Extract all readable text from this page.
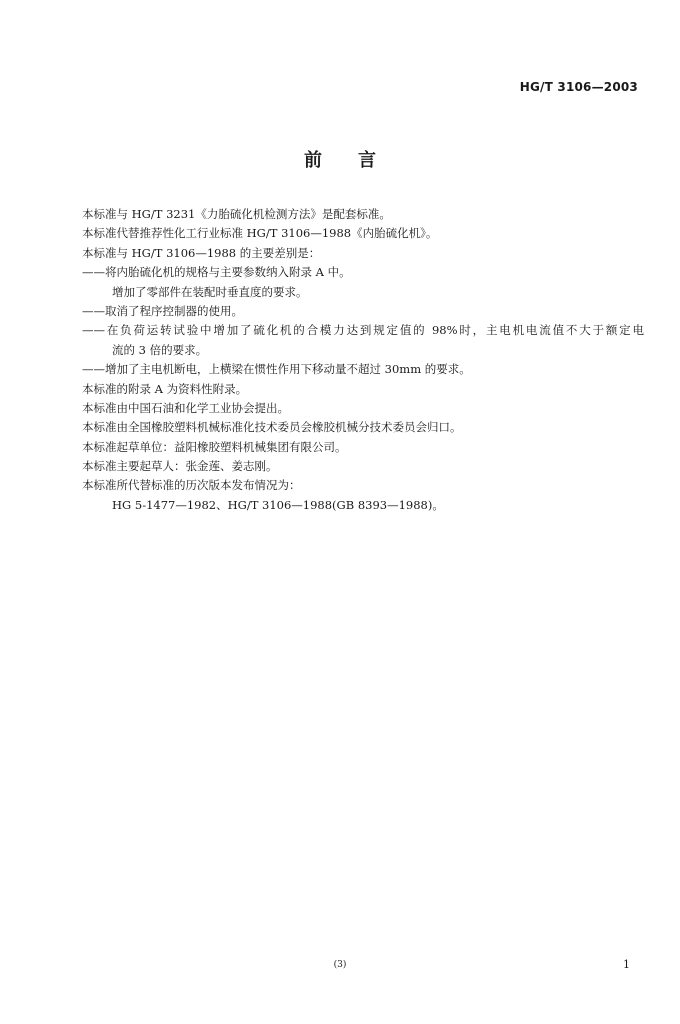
HG/T 3106—2003
前言
本标准与 HG/T 3231《力胎硫化机检测方法》是配套标准。
本标准代替推荐性化工行业标准 HG/T 3106—1988《内胎硫化机》。
本标准与 HG/T 3106—1988 的主要差别是：
——将内胎硫化机的规格与主要参数纳入附录 A 中。
增加了零部件在装配时垂直度的要求。
——取消了程序控制器的使用。
——在负荷运转试验中增加了硫化机的合模力达到规定值的 98%时，主电机电流值不大于额定电
流的 3 倍的要求。
——增加了主电机断电，上横梁在惯性作用下移动量不超过 30mm 的要求。
本标准的附录 A 为资料性附录。
本标准由中国石油和化学工业协会提出。
本标准由全国橡胶塑料机械标准化技术委员会橡胶机械分技术委员会归口。
本标准起草单位：益阳橡胶塑料机械集团有限公司。
本标准主要起草人：张金莲、姜志刚。
本标准所代替标准的历次版本发布情况为：
HG 5-1477—1982、HG/T 3106—1988(GB 8393—1988)。
(3)	1
